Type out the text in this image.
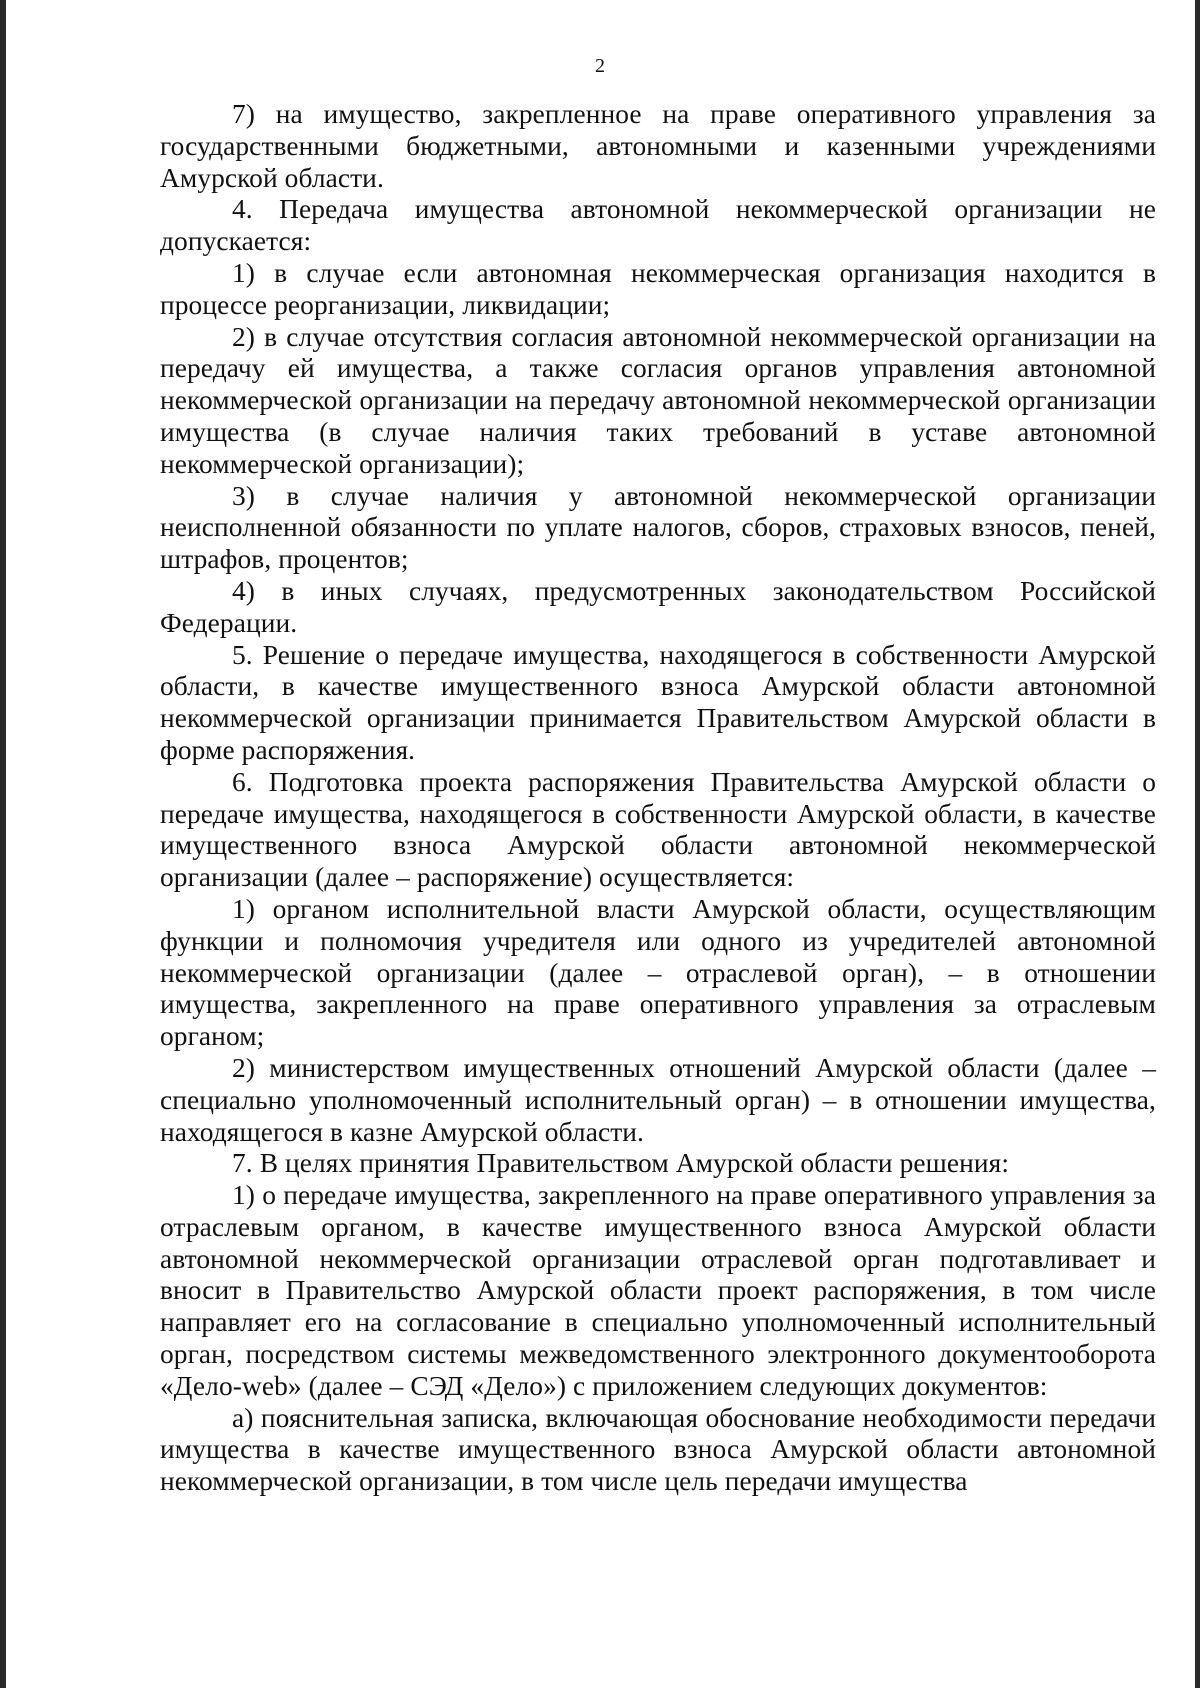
2

7) на имущество, закрепленное на праве оперативного управления за государственными бюджетными, автономными и казенными учреждениями Амурской области.

4. Передача имущества автономной некоммерческой организации не допускается:

1) в случае если автономная некоммерческая организация находится в процессе реорганизации, ликвидации;

2) в случае отсутствия согласия автономной некоммерческой организации на передачу ей имущества, а также согласия органов управления автономной некоммерческой организации на передачу автономной некоммерческой организации имущества (в случае наличия таких требований в уставе автономной некоммерческой организации);

3) в случае наличия у автономной некоммерческой организации неисполненной обязанности по уплате налогов, сборов, страховых взносов, пеней, штрафов, процентов;

4) в иных случаях, предусмотренных законодательством Российской Федерации.

5. Решение о передаче имущества, находящегося в собственности Амурской области, в качестве имущественного взноса Амурской области автономной некоммерческой организации принимается Правительством Амурской области в форме распоряжения.

6. Подготовка проекта распоряжения Правительства Амурской области о передаче имущества, находящегося в собственности Амурской области, в качестве имущественного взноса Амурской области автономной некоммерческой организации (далее – распоряжение) осуществляется:

1) органом исполнительной власти Амурской области, осуществляющим функции и полномочия учредителя или одного из учредителей автономной некоммерческой организации (далее – отраслевой орган), – в отношении имущества, закрепленного на праве оперативного управления за отраслевым органом;

2) министерством имущественных отношений Амурской области (далее – специально уполномоченный исполнительный орган) – в отношении имущества, находящегося в казне Амурской области.

7. В целях принятия Правительством Амурской области решения:

1) о передаче имущества, закрепленного на праве оперативного управления за отраслевым органом, в качестве имущественного взноса Амурской области автономной некоммерческой организации отраслевой орган подготавливает и вносит в Правительство Амурской области проект распоряжения, в том числе направляет его на согласование в специально уполномоченный исполнительный орган, посредством системы межведомственного электронного документооборота «Дело-web» (далее – СЭД «Дело») с приложением следующих документов:

а) пояснительная записка, включающая обоснование необходимости передачи имущества в качестве имущественного взноса Амурской области автономной некоммерческой организации, в том числе цель передачи имущества
